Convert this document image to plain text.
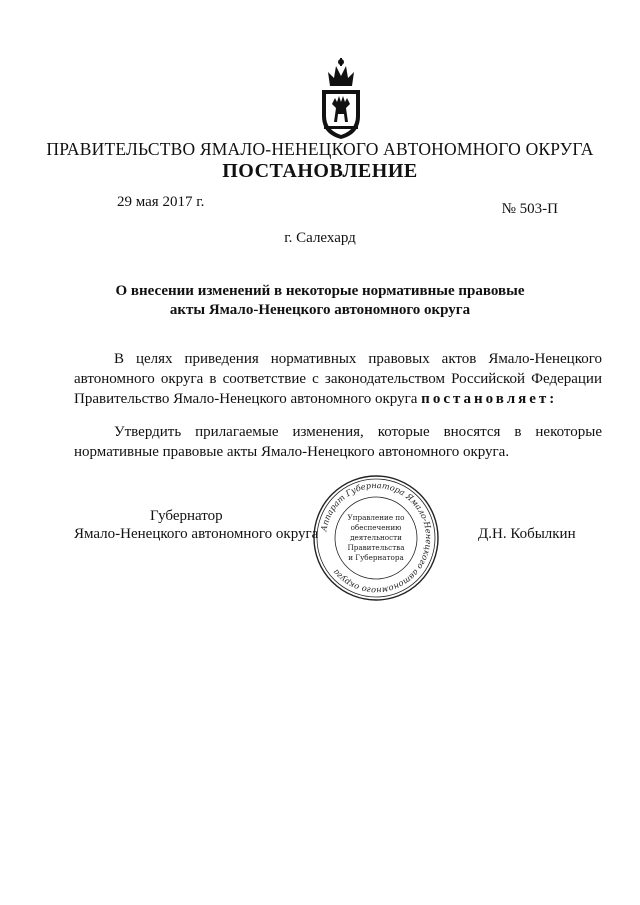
ПРАВИТЕЛЬСТВО ЯМАЛО-НЕНЕЦКОГО АВТОНОМНОГО ОКРУГА
ПОСТАНОВЛЕНИЕ
29 мая 2017 г.	№ 503-П
г. Салехард
О внесении изменений в некоторые нормативные правовые
акты Ямало-Ненецкого автономного округа
В целях приведения нормативных правовых актов Ямало-Ненецкого
автономного округа в соответствие с законодательством Российской Федерации
Правительство Ямало-Ненецкого автономного округа постановляет:
Утвердить прилагаемые изменения, которые вносятся в некоторые
нормативные правовые акты Ямало-Ненецкого автономного округа.
Губернатор
Ямало-Ненецкого автономного округа	Д.Н. Кобылкин
Аппарат Губернатора Ямало-Ненецкого автономного округа
Управление по
обеспечению
деятельности
Правительства
и Губернатора
